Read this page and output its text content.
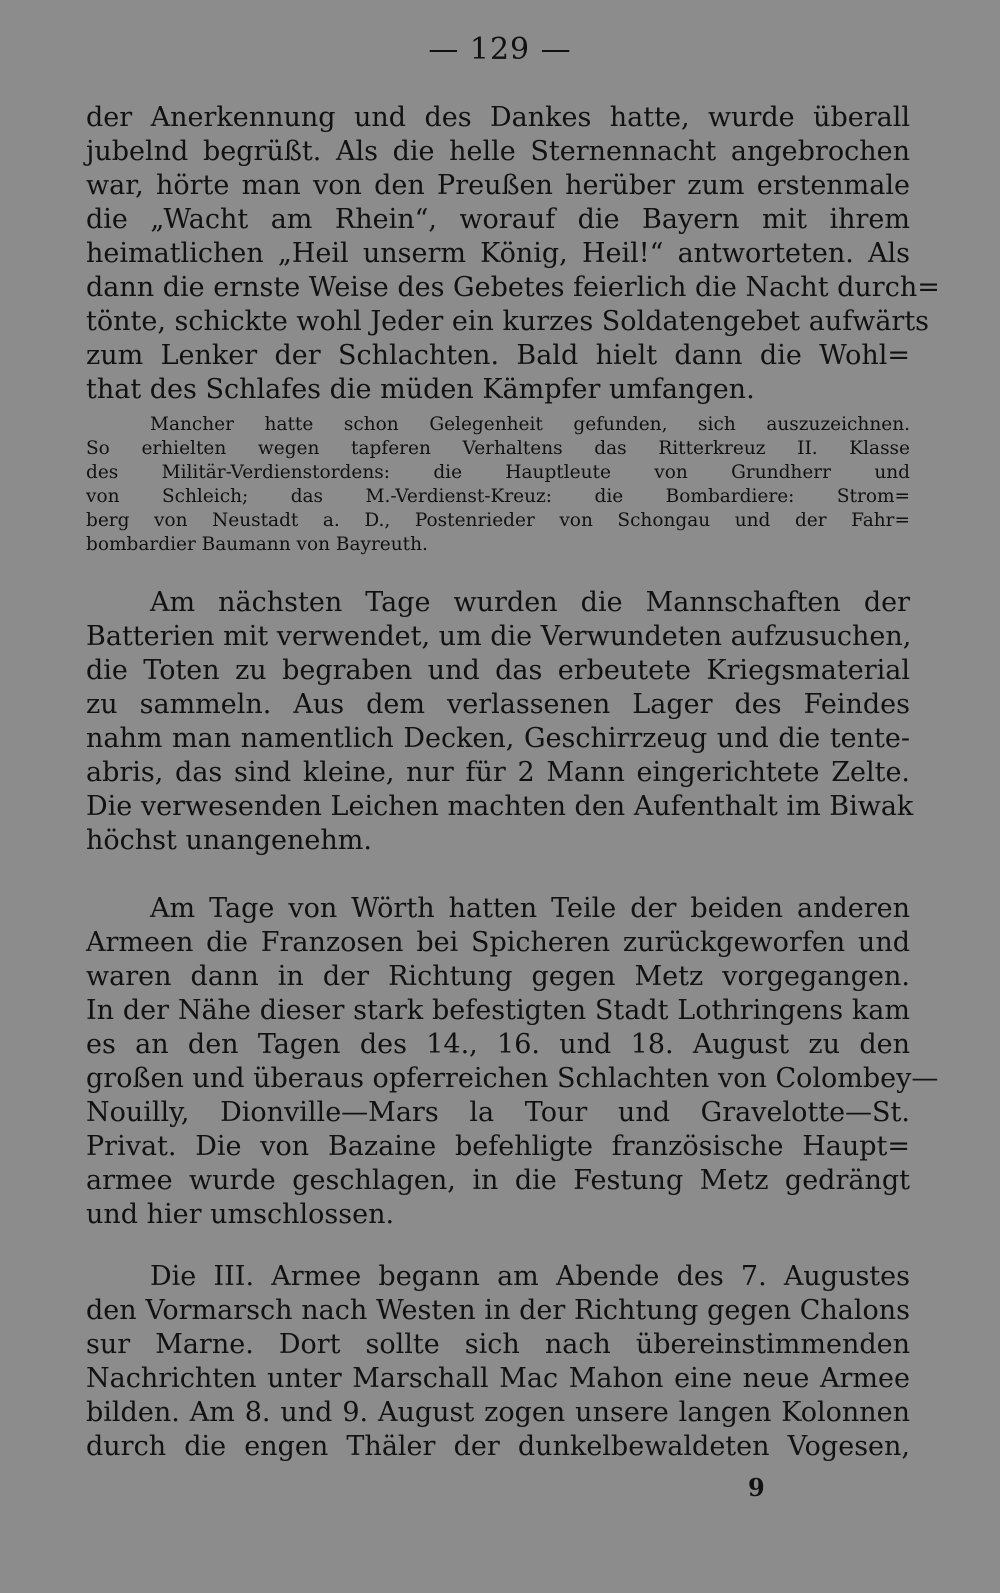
— 129 —
der Anerkennung und des Dankes hatte, wurde überall
jubelnd begrüßt. Als die helle Sternennacht angebrochen
war, hörte man von den Preußen herüber zum erstenmale
die „Wacht am Rhein“, worauf die Bayern mit ihrem
heimatlichen „Heil unserm König, Heil!“ antworteten. Als
dann die ernste Weise des Gebetes feierlich die Nacht durch=
tönte, schickte wohl Jeder ein kurzes Soldatengebet aufwärts
zum Lenker der Schlachten. Bald hielt dann die Wohl=
that des Schlafes die müden Kämpfer umfangen.
Mancher hatte schon Gelegenheit gefunden, sich auszuzeichnen.
So erhielten wegen tapferen Verhaltens das Ritterkreuz II. Klasse
des Militär-Verdienstordens: die Hauptleute von Grundherr und
von Schleich; das M.-Verdienst-Kreuz: die Bombardiere: Strom=
berg von Neustadt a. D., Postenrieder von Schongau und der Fahr=
bombardier Baumann von Bayreuth.
Am nächsten Tage wurden die Mannschaften der
Batterien mit verwendet, um die Verwundeten aufzusuchen,
die Toten zu begraben und das erbeutete Kriegsmaterial
zu sammeln. Aus dem verlassenen Lager des Feindes
nahm man namentlich Decken, Geschirrzeug und die tente-
abris, das sind kleine, nur für 2 Mann eingerichtete Zelte.
Die verwesenden Leichen machten den Aufenthalt im Biwak
höchst unangenehm.
Am Tage von Wörth hatten Teile der beiden anderen
Armeen die Franzosen bei Spicheren zurückgeworfen und
waren dann in der Richtung gegen Metz vorgegangen.
In der Nähe dieser stark befestigten Stadt Lothringens kam
es an den Tagen des 14., 16. und 18. August zu den
großen und überaus opferreichen Schlachten von Colombey—
Nouilly, Dionville—Mars la Tour und Gravelotte—St.
Privat. Die von Bazaine befehligte französische Haupt=
armee wurde geschlagen, in die Festung Metz gedrängt
und hier umschlossen.
Die III. Armee begann am Abende des 7. Augustes
den Vormarsch nach Westen in der Richtung gegen Chalons
sur Marne. Dort sollte sich nach übereinstimmenden
Nachrichten unter Marschall Mac Mahon eine neue Armee
bilden. Am 8. und 9. August zogen unsere langen Kolonnen
durch die engen Thäler der dunkelbewaldeten Vogesen,
9
